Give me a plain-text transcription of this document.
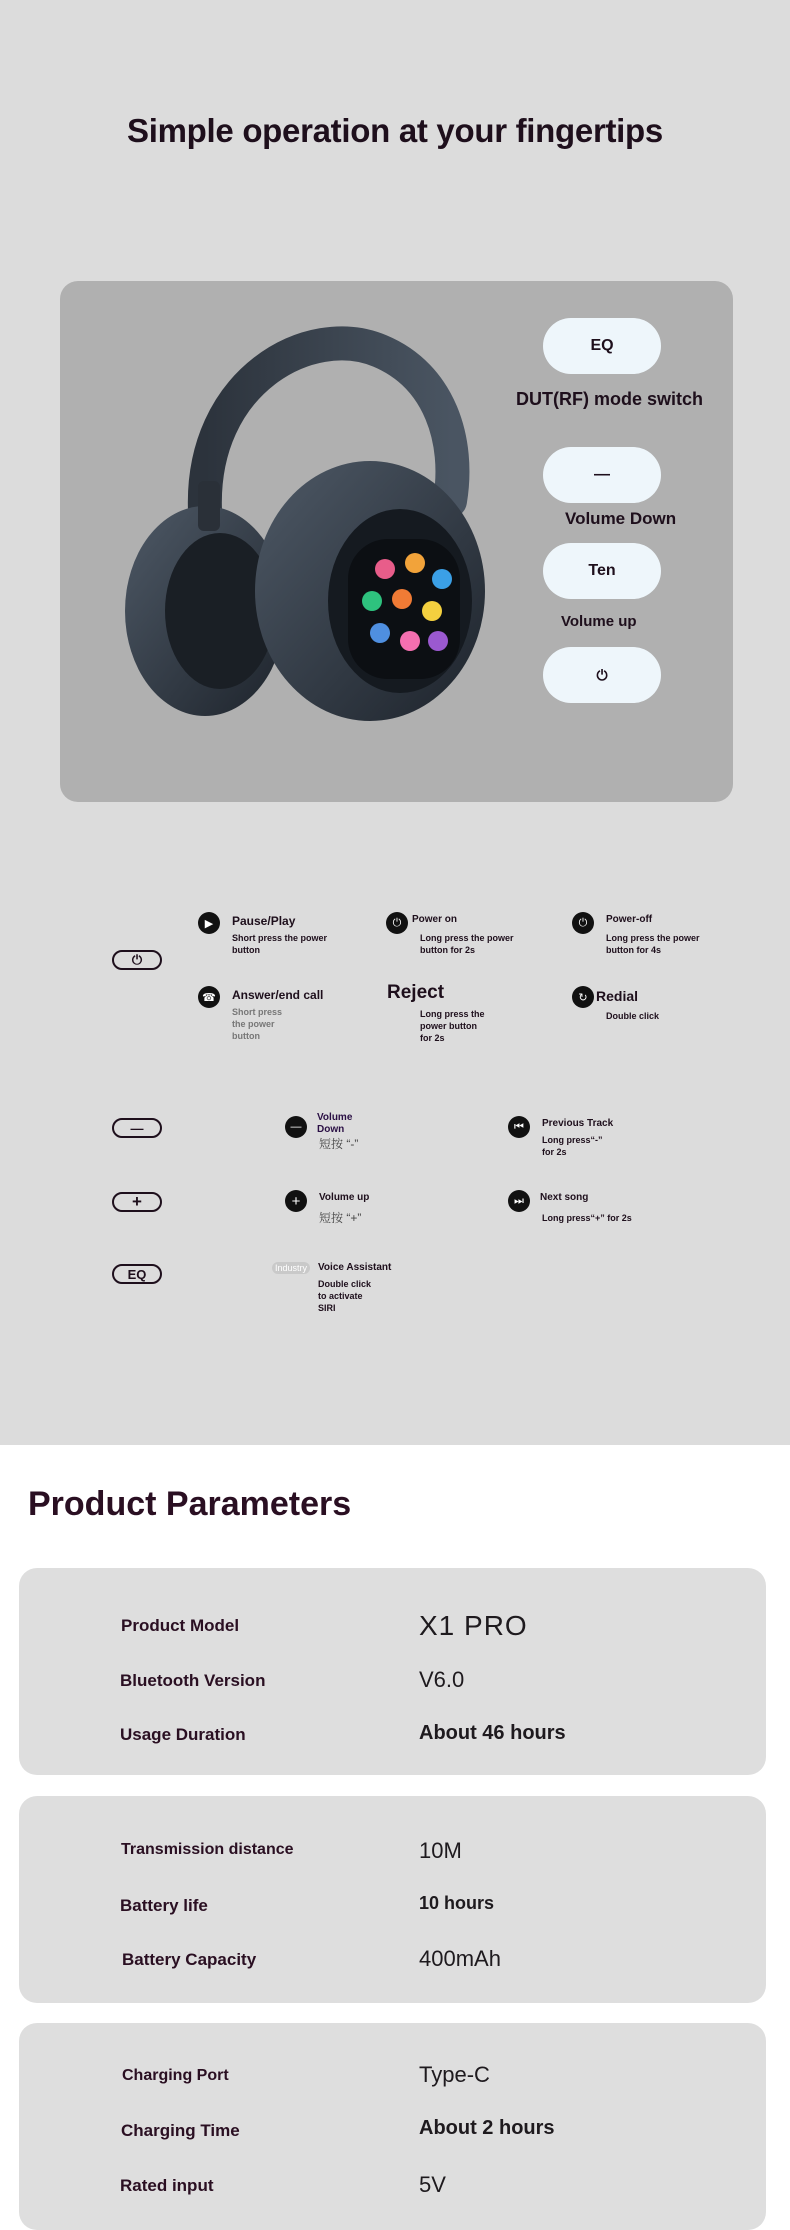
Simple operation at your fingertips
EQ
DUT(RF) mode switch
—
Volume Down
Ten
Volume up
⏻
⏻
▶	Pause/Play
Short press the power
button
⏻	Power on
Long press the power
button for 2s
⏻	Power-off
Long press the power
button for 4s
☎	Answer/end call
Short press
the power
button
Reject
Long press the
power button
for 2s
↻ Redial
Double click
—	—
Volume Down
短按 “-”
⏮	Previous Track
Long press“-”
for 2s
+	+	Volume up
短按 “+”
⏭	Next song
Long press“+” for 2s
EQ	Industry	Voice Assistant
Double click
to activate
SIRI
Product Parameters
Product Model	X1 PRO
Bluetooth Version	V6.0
Usage Duration	About 46 hours
Transmission distance	10M
Battery life	10 hours
Battery Capacity	400mAh
Charging Port	Type-C
Charging Time	About 2 hours
Rated input	5V
